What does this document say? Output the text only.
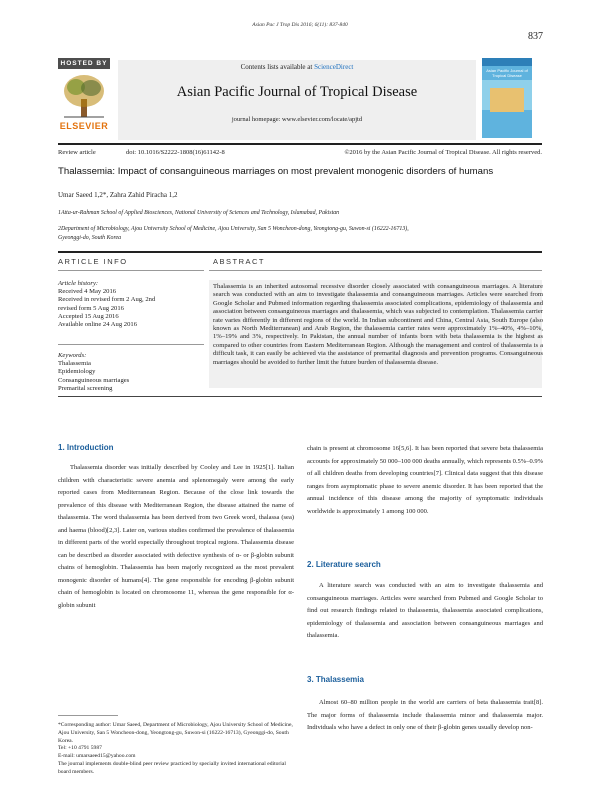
Asian Pac J Trop Dis 2016; 6(11): 837-840
837
HOSTED BY
ELSEVIER
Contents lists available at ScienceDirect
Asian Pacific Journal of Tropical Disease
journal homepage: www.elsevier.com/locate/apjtd
Asian Pacific Journal of Tropical Disease
Review article	doi: 10.1016/S2222-1808(16)61142-8	©2016 by the Asian Pacific Journal of Tropical Disease. All rights reserved.
Thalassemia: Impact of consanguineous marriages on most prevalent monogenic disorders of humans
Umar Saeed 1,2*, Zahra Zahid Piracha 1,2
1Atta-ur-Rahman School of Applied Biosciences, National University of Sciences and Technology, Islamabad, Pakistan
2Department of Microbiology, Ajou University School of Medicine, Ajou University, San 5 Woncheon-dong, Yeongtong-gu, Suwon-si (16222-16713),
Gyeonggi-do, South Korea
ARTICLE INFO
Article history:
Received 4 May 2016
Received in revised form 2 Aug, 2nd
revised form 5 Aug 2016
Accepted 15 Aug 2016
Available online 24 Aug 2016
Keywords:
Thalassemia
Epidemiology
Consanguineous marriages
Premarital screening
ABSTRACT
Thalassemia is an inherited autosomal recessive disorder closely associated with consanguineous marriages. A literature search was conducted with an aim to investigate thalassemia and consanguineous marriages. Articles were searched from Google Scholar and Pubmed information regarding thalassemia associated complications, epidemiology of thalassemia and association between consanguineous marriages and thalassemia, which was subjected to contemplation. Thalassemia carrier rate varies differently in different regions of the world. In Indian subcontinent and China, Central Asia, South Europe (also known as North Mediterranean) and Arab Region, the thalassemia carrier rates were approximately 1%–40%, 4%–10%, 1%–19% and 3%, respectively. In Pakistan, the annual number of infants born with beta thalassemia is the highest as compared to other countries from Eastern Mediterranean Region. Although the management and control of thalassemia is a difficult task, it can easily be achieved via the assistance of premarital diagnosis and prevention programs. Consanguineous marriages should be avoided to further limit the future burden of thalassemia disease.
1. Introduction
Thalassemia disorder was initially described by Cooley and Lee in 1925[1]. Italian children with characteristic severe anemia and splenomegaly were among the early reported cases from Mediterranean Region. Because of the close link towards the prevalence of this disease with Mediterranean Region, the disease attained the name of thalassemia. The word thalassemia has been derived from two Greek word, thalassa (sea) and haema (blood)[2,3]. Later on, various studies confirmed the prevalence of thalassemia in different parts of the world especially throughout tropical regions. Thalassemia disease can be described as disorder associated with defective synthesis of α- or β-globin subunit chains of hemoglobin. Thalassemia has been majorly recognized as the most prevalent monogenic disorder of humans[4]. The gene responsible for encoding β-globin subunit chain of hemoglobin is located on chromosome 11, whereas the gene responsible for α-globin subunit
*Corresponding author: Umar Saeed, Department of Microbiology, Ajou University School of Medicine, Ajou University, San 5 Woncheon-dong, Yeongtong-gu, Suwon-si (16222-16713), Gyeonggi-do, South Korea.
Tel: +10 4791 5987
E-mail: umarsaeed15@yahoo.com
The journal implements double-blind peer review practiced by specially invited international editorial board members.
chain is present at chromosome 16[5,6]. It has been reported that severe beta thalassemia accounts for approximately 50 000–100 000 deaths annually, which represents 0.5%–0.9% of all children deaths from developing countries[7]. Clinical data suggest that this disease ranges from asymptomatic phase to severe anemic disorder. It has been reported that the annual incidence of this disease among the majority of symptomatic individuals worldwide is approximately 1 among 100 000.
2. Literature search
A literature search was conducted with an aim to investigate thalassemia and consanguineous marriages. Articles were searched from Pubmed and Google Scholar to find out research findings related to thalassemia, thalassemia associated complications, epidemiology of thalassemia and association between consanguineous marriages and thalassemia.
3. Thalassemia
Almost 60–80 million people in the world are carriers of beta thalassemia trait[8]. The major forms of thalassemia include thalassemia minor and thalassemia major. Individuals who have a defect in only one of their β-globin genes usually develop non-
